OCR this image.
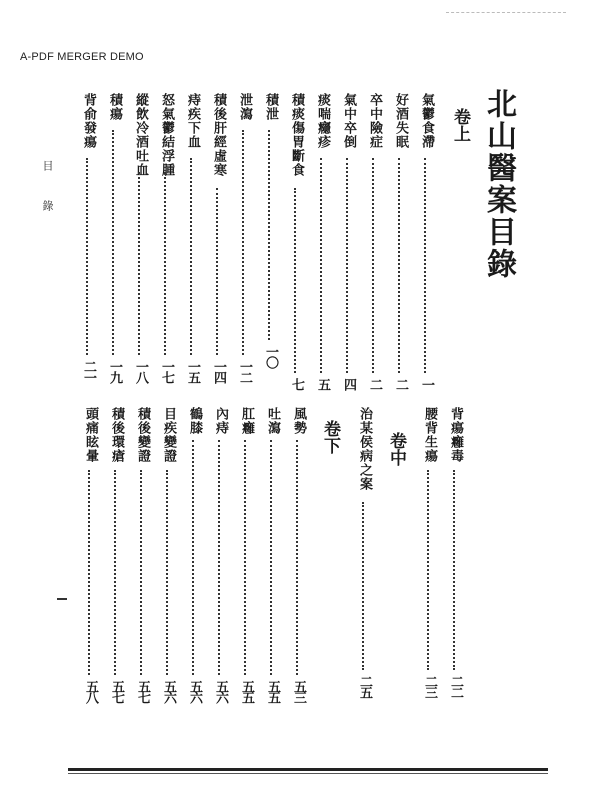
A-PDF MERGER DEMO
北山醫案目錄
卷上
卷中
卷下
氣鬱食滯
一
好酒失眠
二
卒中險症
二
氣中卒倒
四
痰喘癮疹
五
積痰傷胃斷食
七
積泄
一〇
泄瀉
一二
積後肝經虛寒
一四
痔疾下血
一五
怒氣鬱結浮腫
一七
縱飲冷酒吐血
一八
積瘍
一九
背俞發瘍
二一
背瘍癰毒
二二
腰背生瘍
二三
治某侯病之案
二五
風勢
五三
吐瀉
五五
肛癰
五五
內痔
五六
鶴膝
五六
目疾變證
五六
積後變證
五七
積後環瘡
五七
頭痛眩暈
五八
目
錄
